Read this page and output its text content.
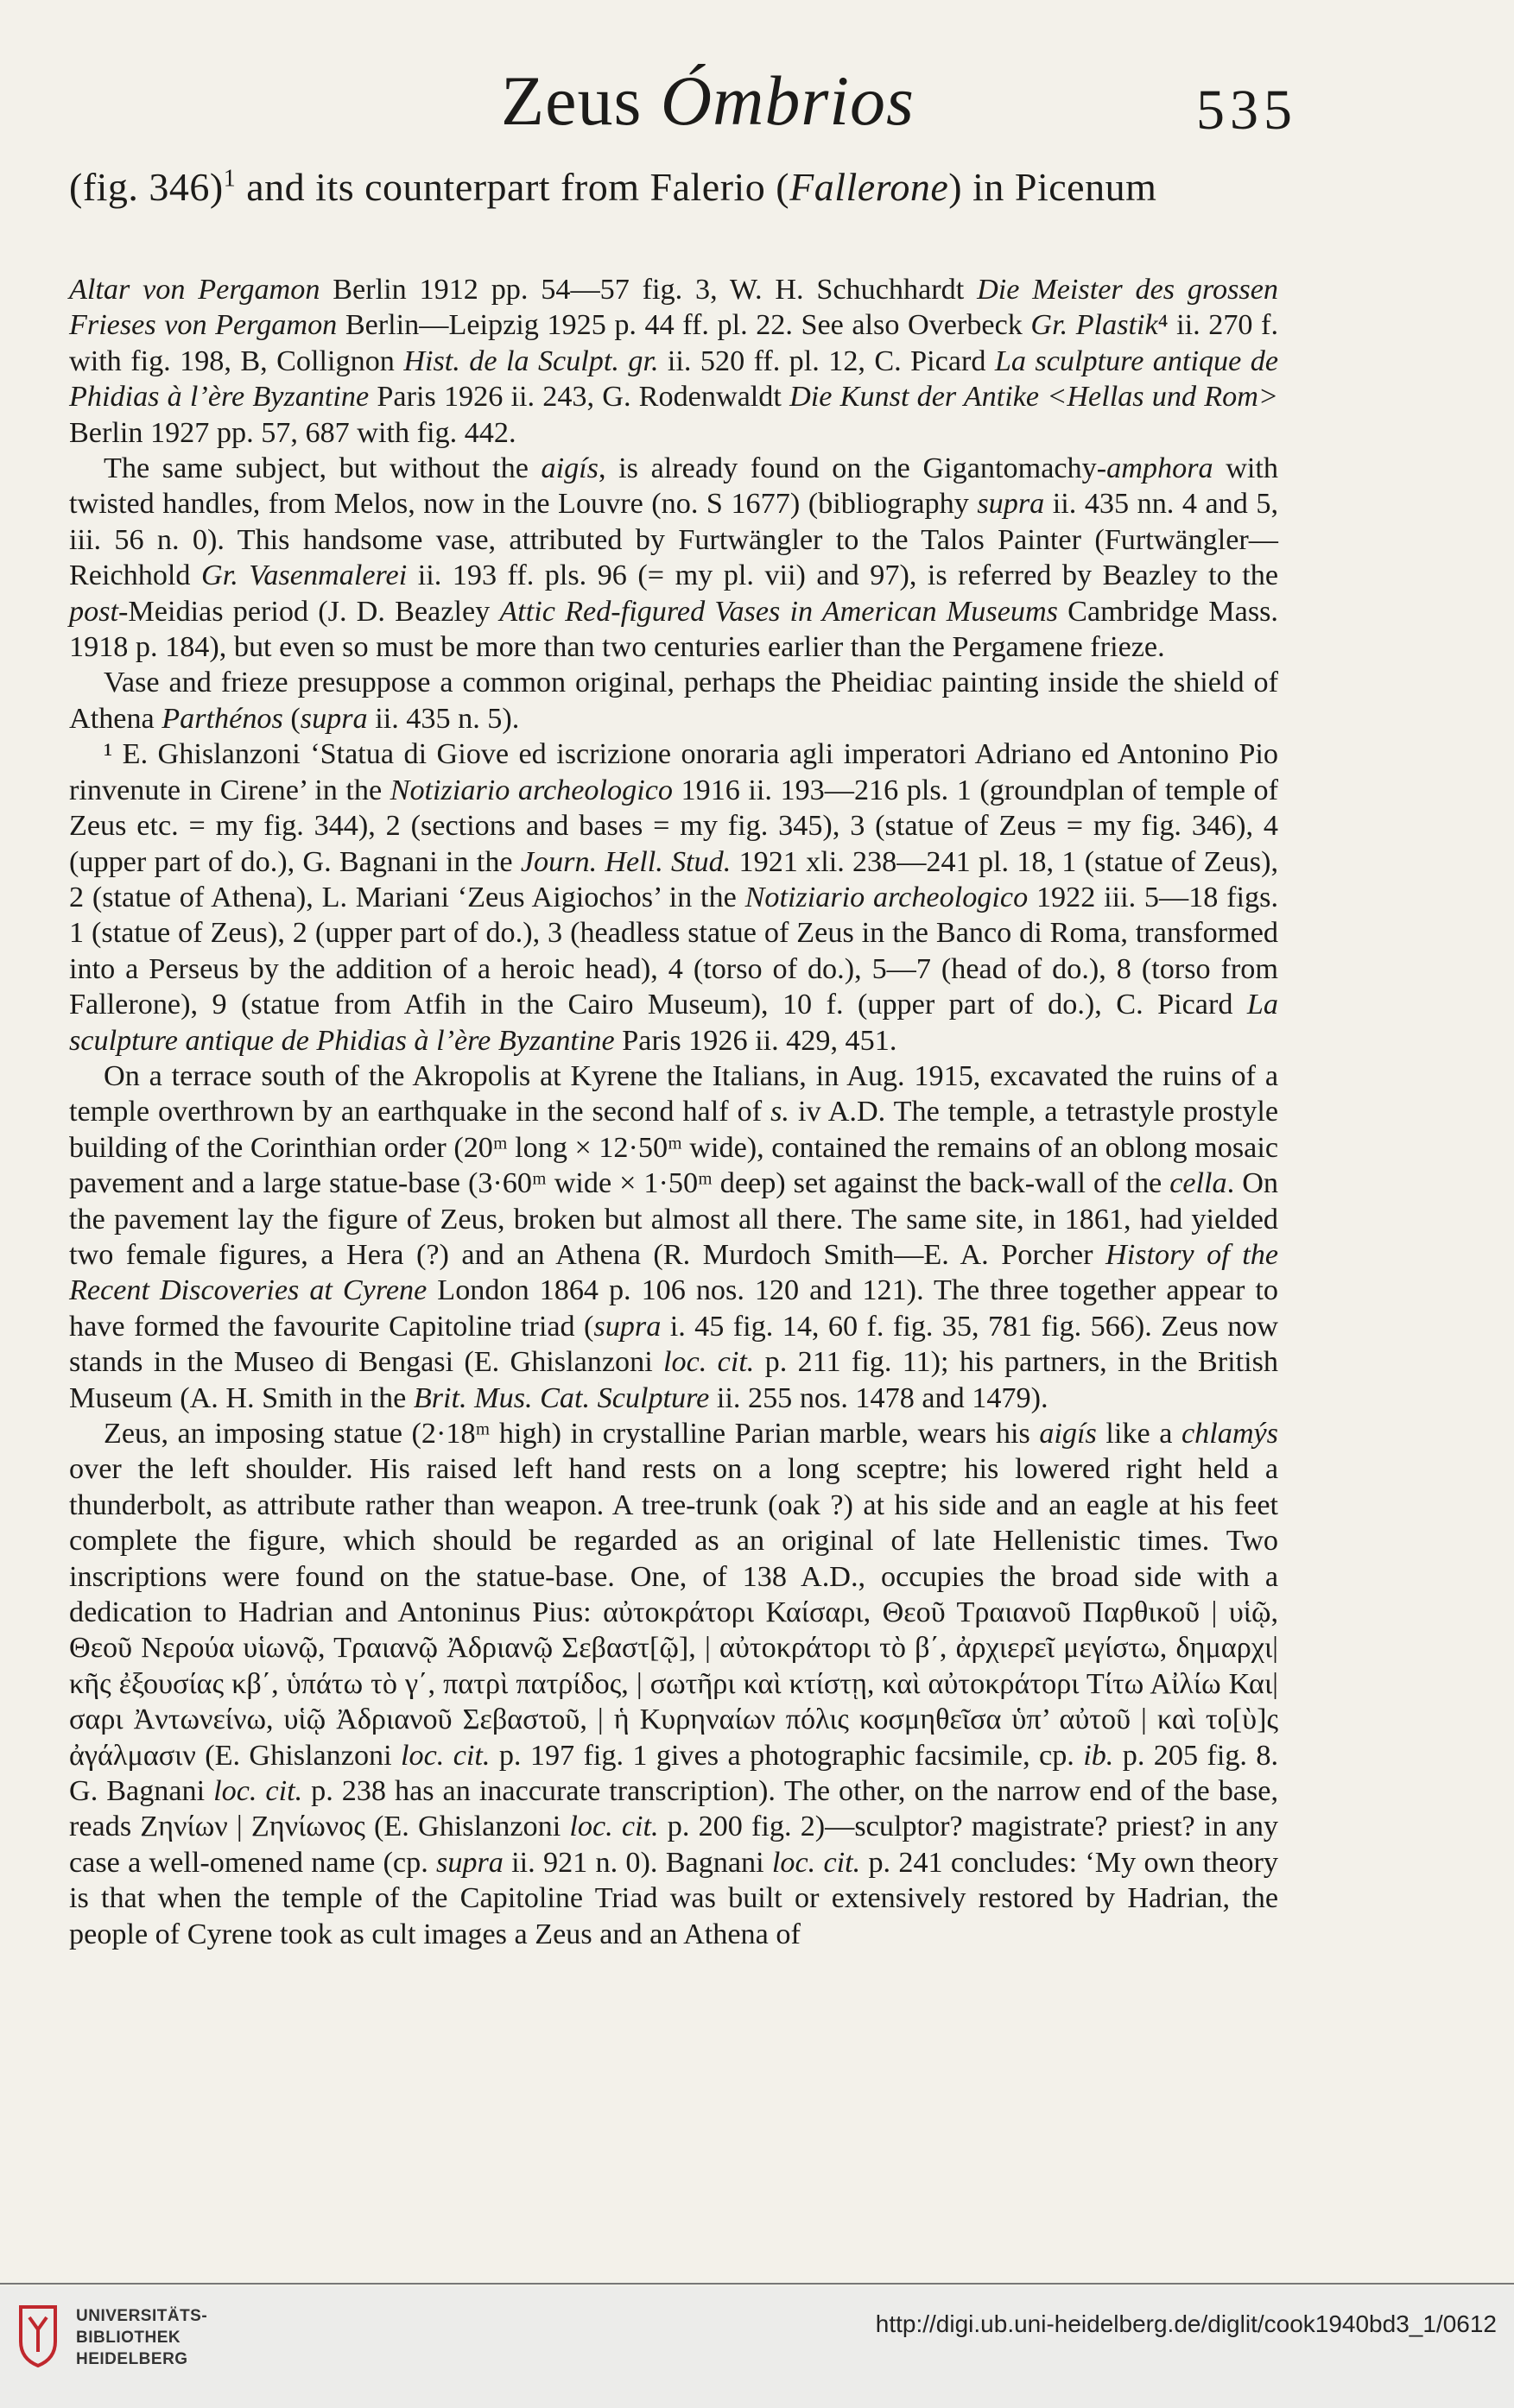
Zeus Ómbrios	535
(fig. 346)$^1$ and its counterpart from Falerio (Fallerone) in Picenum

Altar von Pergamon Berlin 1912 pp. 54—57 fig. 3, W. H. Schuchhardt Die Meister des grossen Frieses von Pergamon Berlin—Leipzig 1925 p. 44 ff. pl. 22. See also Overbeck Gr. Plastik⁴ ii. 270 f. with fig. 198, B, Collignon Hist. de la Sculpt. gr. ii. 520 ff. pl. 12, C. Picard La sculpture antique de Phidias à l’ère Byzantine Paris 1926 ii. 243, G. Rodenwaldt Die Kunst der Antike <Hellas und Rom> Berlin 1927 pp. 57, 687 with fig. 442.

The same subject, but without the aigís, is already found on the Gigantomachy-amphora with twisted handles, from Melos, now in the Louvre (no. S 1677) (bibliography supra ii. 435 nn. 4 and 5, iii. 56 n. 0). This handsome vase, attributed by Furtwängler to the Talos Painter (Furtwängler—Reichhold Gr. Vasenmalerei ii. 193 ff. pls. 96 (= my pl. vii) and 97), is referred by Beazley to the post-Meidias period (J. D. Beazley Attic Red-figured Vases in American Museums Cambridge Mass. 1918 p. 184), but even so must be more than two centuries earlier than the Pergamene frieze.

Vase and frieze presuppose a common original, perhaps the Pheidiac painting inside the shield of Athena Parthénos (supra ii. 435 n. 5).

¹ E. Ghislanzoni ‘Statua di Giove ed iscrizione onoraria agli imperatori Adriano ed Antonino Pio rinvenute in Cirene’ in the Notiziario archeologico 1916 ii. 193—216 pls. 1 (groundplan of temple of Zeus etc. = my fig. 344), 2 (sections and bases = my fig. 345), 3 (statue of Zeus = my fig. 346), 4 (upper part of do.), G. Bagnani in the Journ. Hell. Stud. 1921 xli. 238—241 pl. 18, 1 (statue of Zeus), 2 (statue of Athena), L. Mariani ‘Zeus Aigiochos’ in the Notiziario archeologico 1922 iii. 5—18 figs. 1 (statue of Zeus), 2 (upper part of do.), 3 (headless statue of Zeus in the Banco di Roma, transformed into a Perseus by the addition of a heroic head), 4 (torso of do.), 5—7 (head of do.), 8 (torso from Fallerone), 9 (statue from Atfih in the Cairo Museum), 10 f. (upper part of do.), C. Picard La sculpture antique de Phidias à l’ère Byzantine Paris 1926 ii. 429, 451.

On a terrace south of the Akropolis at Kyrene the Italians, in Aug. 1915, excavated the ruins of a temple overthrown by an earthquake in the second half of s. iv A.D. The temple, a tetrastyle prostyle building of the Corinthian order (20ᵐ long × 12·50ᵐ wide), contained the remains of an oblong mosaic pavement and a large statue-base (3·60ᵐ wide × 1·50ᵐ deep) set against the back-wall of the cella. On the pavement lay the figure of Zeus, broken but almost all there. The same site, in 1861, had yielded two female figures, a Hera (?) and an Athena (R. Murdoch Smith—E. A. Porcher History of the Recent Discoveries at Cyrene London 1864 p. 106 nos. 120 and 121). The three together appear to have formed the favourite Capitoline triad (supra i. 45 fig. 14, 60 f. fig. 35, 781 fig. 566). Zeus now stands in the Museo di Bengasi (E. Ghislanzoni loc. cit. p. 211 fig. 11); his partners, in the British Museum (A. H. Smith in the Brit. Mus. Cat. Sculpture ii. 255 nos. 1478 and 1479).

Zeus, an imposing statue (2·18ᵐ high) in crystalline Parian marble, wears his aigís like a chlamýs over the left shoulder. His raised left hand rests on a long sceptre; his lowered right held a thunderbolt, as attribute rather than weapon. A tree-trunk (oak ?) at his side and an eagle at his feet complete the figure, which should be regarded as an original of late Hellenistic times. Two inscriptions were found on the statue-base. One, of 138 A.D., occupies the broad side with a dedication to Hadrian and Antoninus Pius: αὐτοκράτορι Καίσαρι, Θεοῦ Τραιανοῦ Παρθικοῦ | υἱῷ, Θεοῦ Νερούα υἱωνῷ, Τραιανῷ Ἀδριανῷ Σεβαστ[ῷ], | αὐτοκράτορι τὸ β΄, ἀρχιερεῖ μεγίστω, δημαρχι|κῆς ἐξουσίας κβ΄, ὑπάτω τὸ γ΄, πατρὶ πατρίδος, | σωτῆρι καὶ κτίστῃ, καὶ αὐτοκράτορι Τίτω Αἰλίω Και|σαρι Ἀντωνείνω, υἱῷ Ἀδριανοῦ Σεβαστοῦ, | ἡ Κυρηναίων πόλις κοσμηθεῖσα ὑπ’ αὐτοῦ | καὶ το[ὺ]ς ἀγάλμασιν (E. Ghislanzoni loc. cit. p. 197 fig. 1 gives a photographic facsimile, cp. ib. p. 205 fig. 8. G. Bagnani loc. cit. p. 238 has an inaccurate transcription). The other, on the narrow end of the base, reads Ζηνίων | Ζηνίωνος (E. Ghislanzoni loc. cit. p. 200 fig. 2)—sculptor? magistrate? priest? in any case a well-omened name (cp. supra ii. 921 n. 0). Bagnani loc. cit. p. 241 concludes: ‘My own theory is that when the temple of the Capitoline Triad was built or extensively restored by Hadrian, the people of Cyrene took as cult images a Zeus and an Athena of

UNIVERSITÄTS-
BIBLIOTHEK
HEIDELBERG
http://digi.ub.uni-heidelberg.de/diglit/cook1940bd3_1/0612
